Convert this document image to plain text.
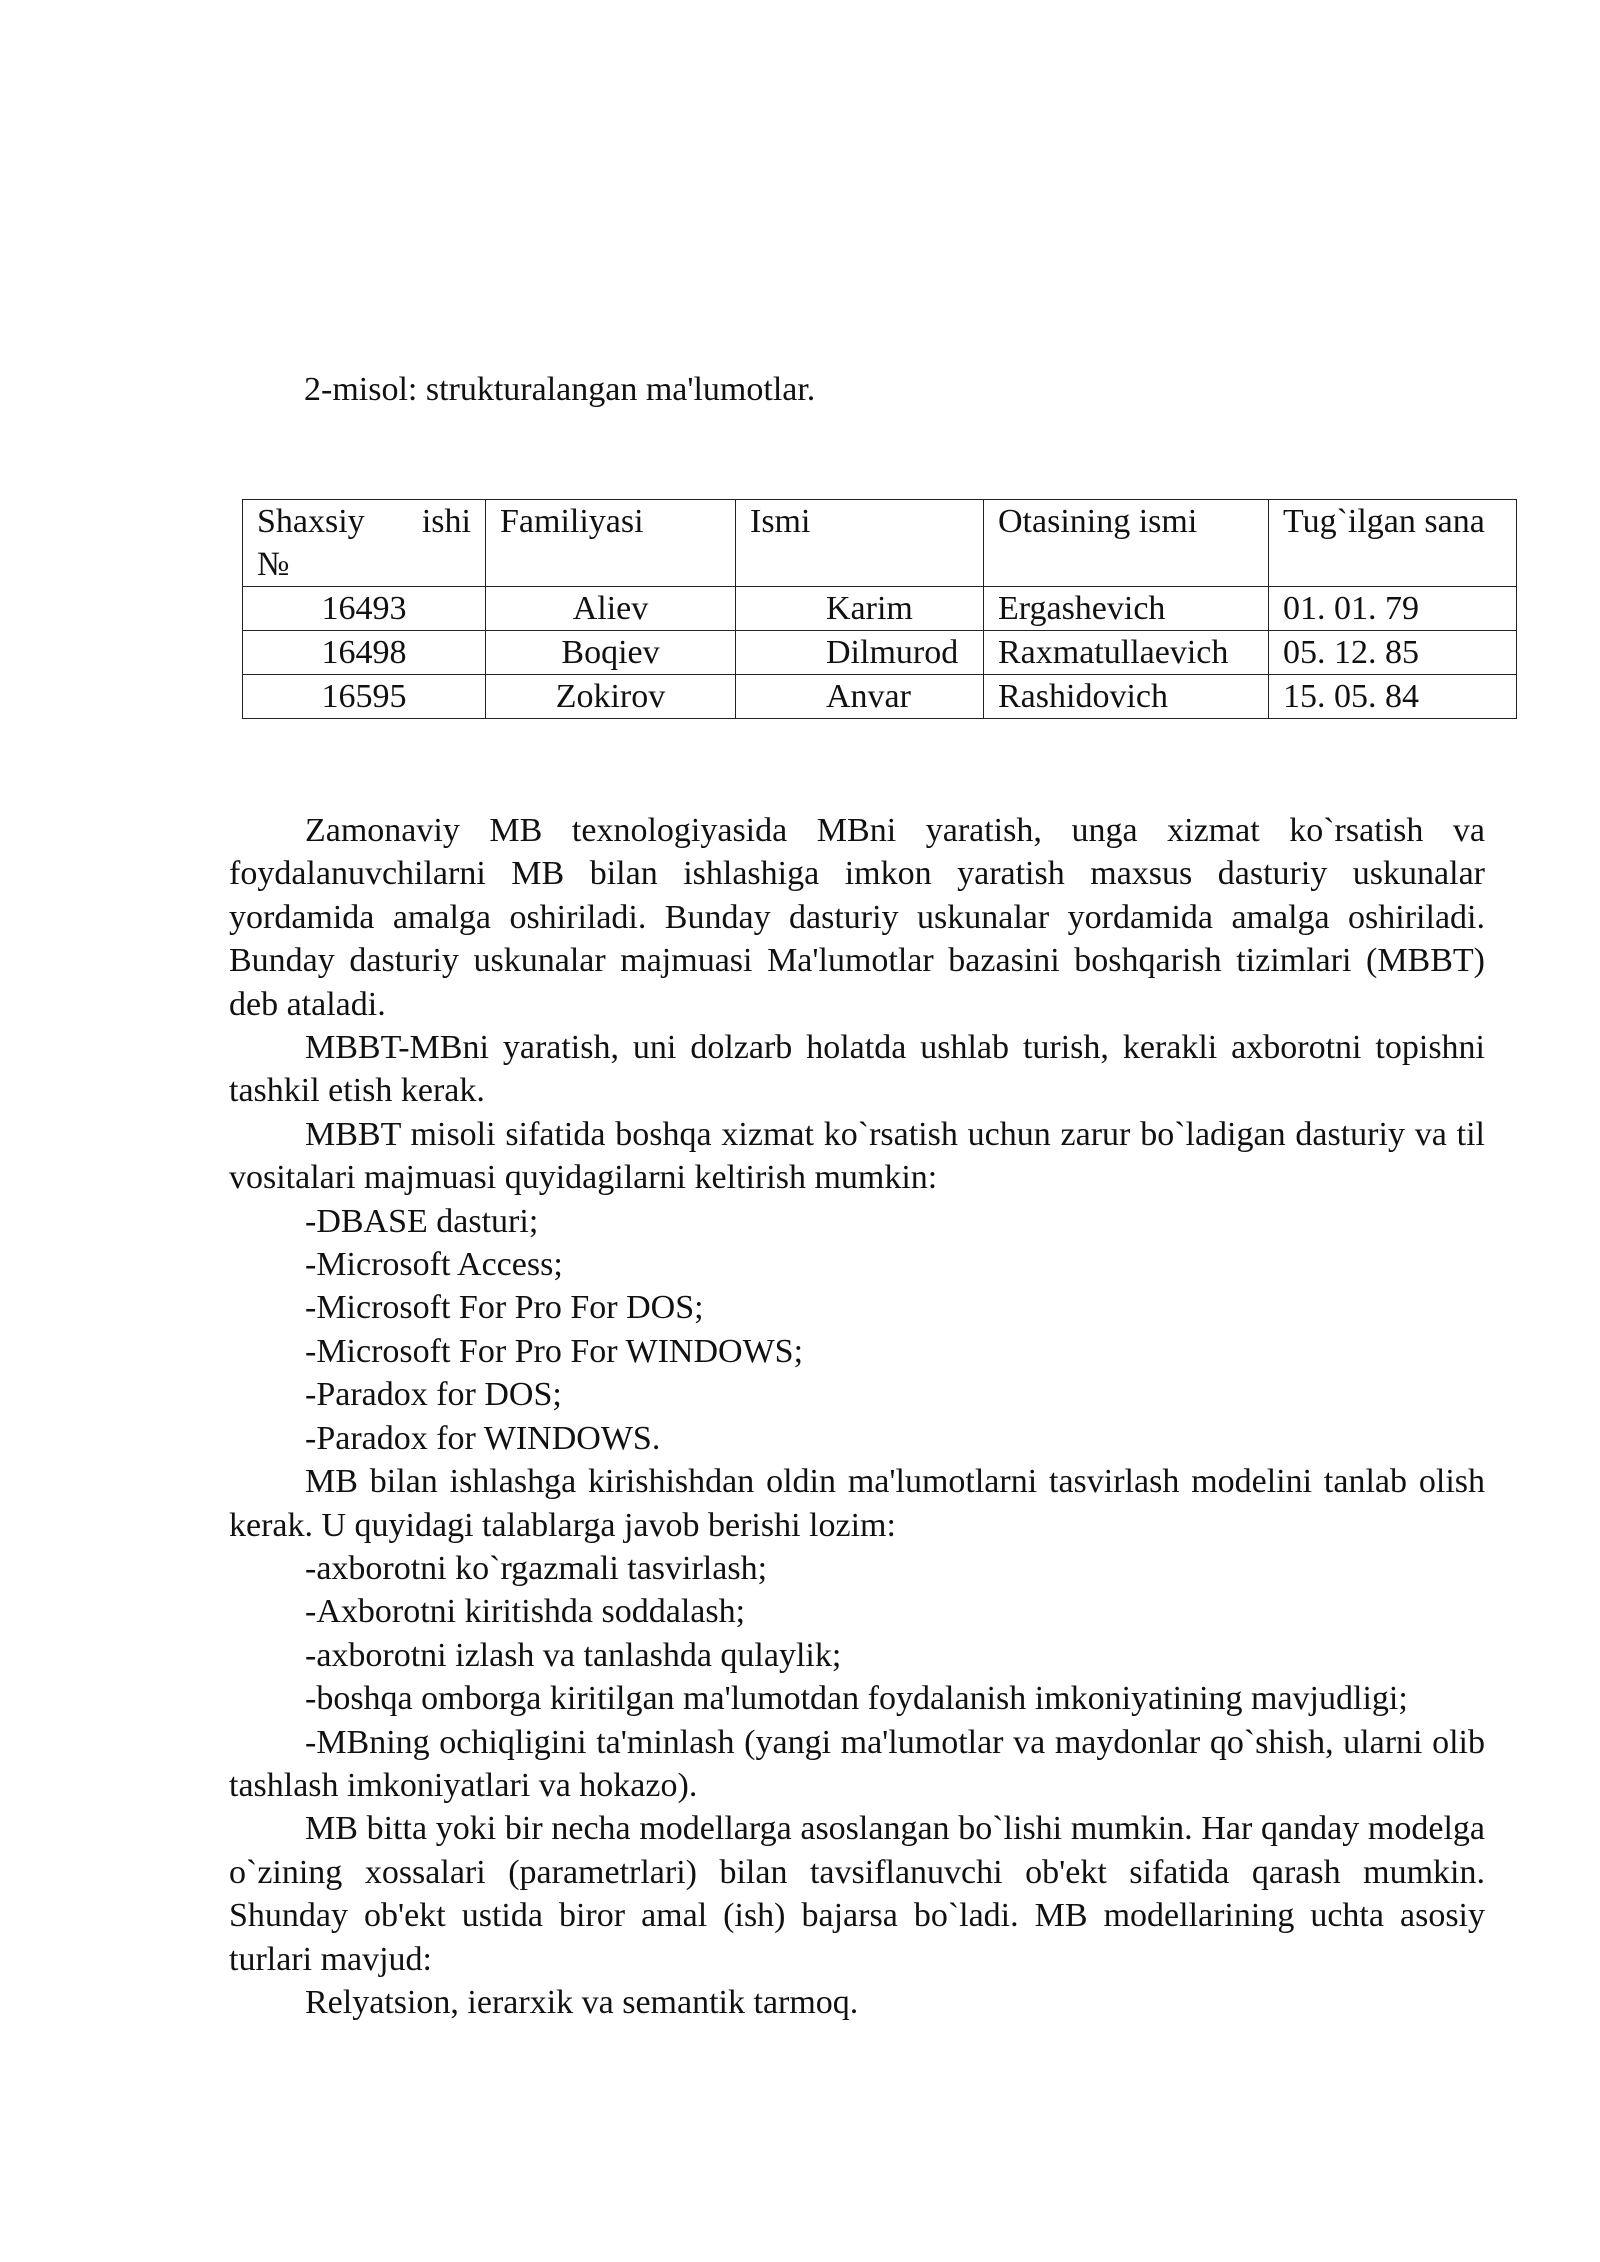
2-misol: strukturalangan ma'lumotlar.
Shaxsiy ishi
№	Familiyasi	Ismi	Otasining ismi	Tug`ilgan sana
16493	Aliev	Karim	Ergashevich	01. 01. 79
16498	Boqiev	Dilmurod	Raxmatullaevich	05. 12. 85
16595	Zokirov	Anvar	Rashidovich	15. 05. 84

Zamonaviy MB texnologiyasida MBni yaratish, unga xizmat ko`rsatish va foydalanuvchilarni MB bilan ishlashiga imkon yaratish maxsus dasturiy uskunalar yordamida amalga oshiriladi. Bunday dasturiy uskunalar yordamida amalga oshiriladi. Bunday dasturiy uskunalar majmuasi Ma'lumotlar bazasini boshqarish tizimlari (MBBT) deb ataladi.

MBBT-MBni yaratish, uni dolzarb holatda ushlab turish, kerakli axborotni topishni tashkil etish kerak.

MBBT misoli sifatida boshqa xizmat ko`rsatish uchun zarur bo`ladigan dasturiy va til vositalari majmuasi quyidagilarni keltirish mumkin:

-DBASE dasturi;

-Microsoft Access;

-Microsoft For Pro For DOS;

-Microsoft For Pro For WINDOWS;

-Paradox for DOS;

-Paradox for WINDOWS.

MB bilan ishlashga kirishishdan oldin ma'lumotlarni tasvirlash modelini tanlab olish kerak. U quyidagi talablarga javob berishi lozim:

-axborotni ko`rgazmali tasvirlash;

-Axborotni kiritishda soddalash;

-axborotni izlash va tanlashda qulaylik;

-boshqa omborga kiritilgan ma'lumotdan foydalanish imkoniyatining mavjudligi;

-MBning ochiqligini ta'minlash (yangi ma'lumotlar va maydonlar qo`shish, ularni olib tashlash imkoniyatlari va hokazo).

MB bitta yoki bir necha modellarga asoslangan bo`lishi mumkin. Har qanday modelga o`zining xossalari (parametrlari) bilan tavsiflanuvchi ob'ekt sifatida qarash mumkin. Shunday ob'ekt ustida biror amal (ish) bajarsa bo`ladi. MB modellarining uchta asosiy turlari mavjud:

Relyatsion, ierarxik va semantik tarmoq.
